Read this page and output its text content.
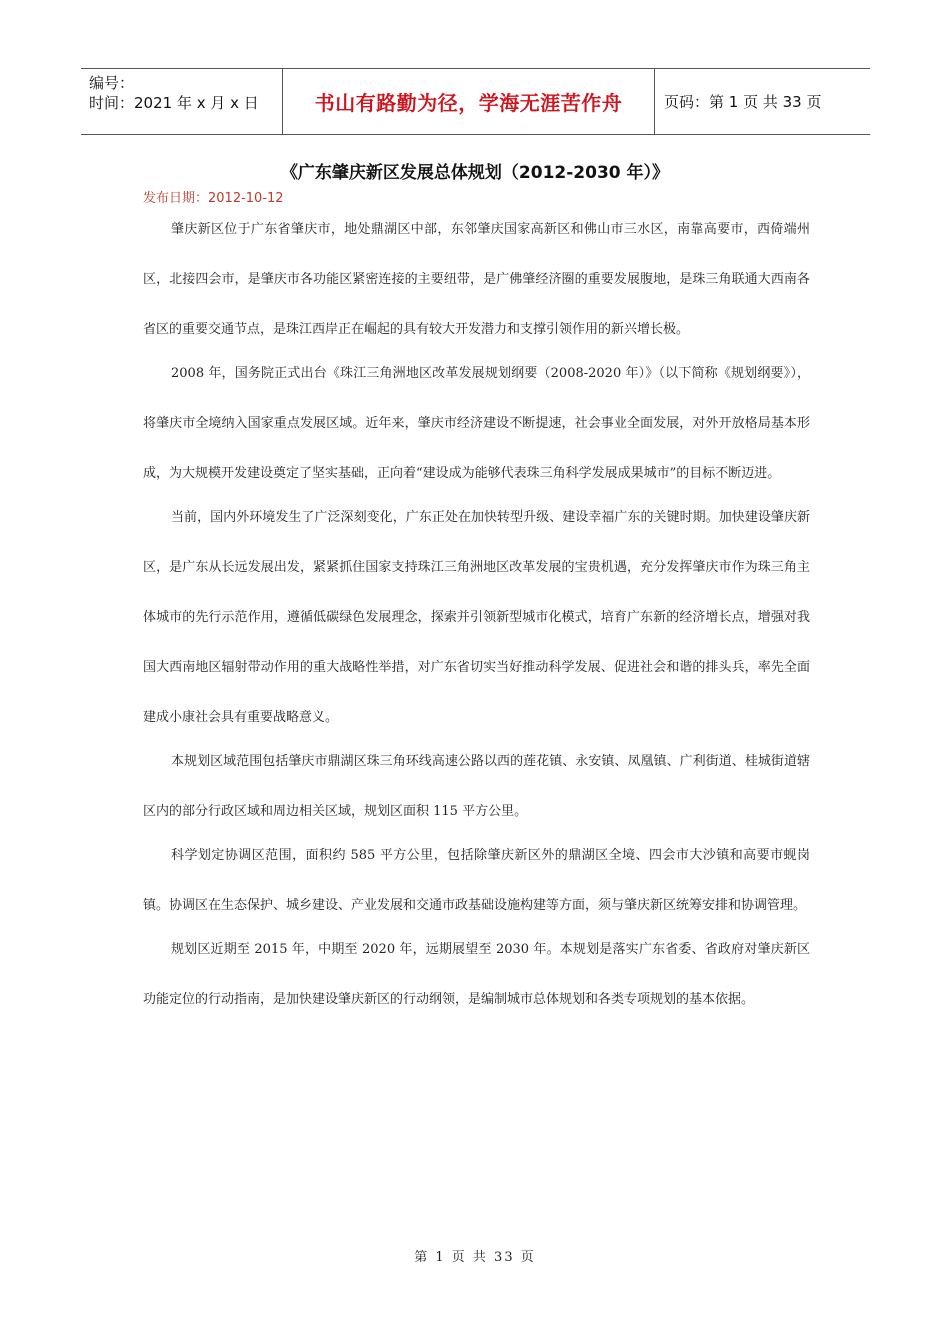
编号：
时间：2021 年 x 月 x 日	书山有路勤为径，学海无涯苦作舟	页码：第 1 页 共 33 页
《广东肇庆新区发展总体规划（2012-2030 年）》
发布日期：2012-10-12

肇庆新区位于广东省肇庆市，地处鼎湖区中部，东邻肇庆国家高新区和佛山市三水区，南靠高要市，西倚端州区，北接四会市，是肇庆市各功能区紧密连接的主要纽带，是广佛肇经济圈的重要发展腹地，是珠三角联通大西南各省区的重要交通节点，是珠江西岸正在崛起的具有较大开发潜力和支撑引领作用的新兴增长极。

2008 年，国务院正式出台《珠江三角洲地区改革发展规划纲要（2008-2020 年）》（以下简称《规划纲要》），将肇庆市全境纳入国家重点发展区域。近年来，肇庆市经济建设不断提速，社会事业全面发展，对外开放格局基本形成，为大规模开发建设奠定了坚实基础，正向着“建设成为能够代表珠三角科学发展成果城市”的目标不断迈进。

当前，国内外环境发生了广泛深刻变化，广东正处在加快转型升级、建设幸福广东的关键时期。加快建设肇庆新区，是广东从长远发展出发，紧紧抓住国家支持珠江三角洲地区改革发展的宝贵机遇，充分发挥肇庆市作为珠三角主体城市的先行示范作用，遵循低碳绿色发展理念，探索并引领新型城市化模式，培育广东新的经济增长点，增强对我国大西南地区辐射带动作用的重大战略性举措，对广东省切实当好推动科学发展、促进社会和谐的排头兵，率先全面建成小康社会具有重要战略意义。

本规划区域范围包括肇庆市鼎湖区珠三角环线高速公路以西的莲花镇、永安镇、凤凰镇、广利街道、桂城街道辖区内的部分行政区域和周边相关区域，规划区面积 115 平方公里。

科学划定协调区范围，面积约 585 平方公里，包括除肇庆新区外的鼎湖区全境、四会市大沙镇和高要市蚬岗镇。协调区在生态保护、城乡建设、产业发展和交通市政基础设施构建等方面，须与肇庆新区统筹安排和协调管理。

规划区近期至 2015 年，中期至 2020 年，远期展望至 2030 年。本规划是落实广东省委、省政府对肇庆新区功能定位的行动指南，是加快建设肇庆新区的行动纲领，是编制城市总体规划和各类专项规划的基本依据。

第 1 页 共 33 页
